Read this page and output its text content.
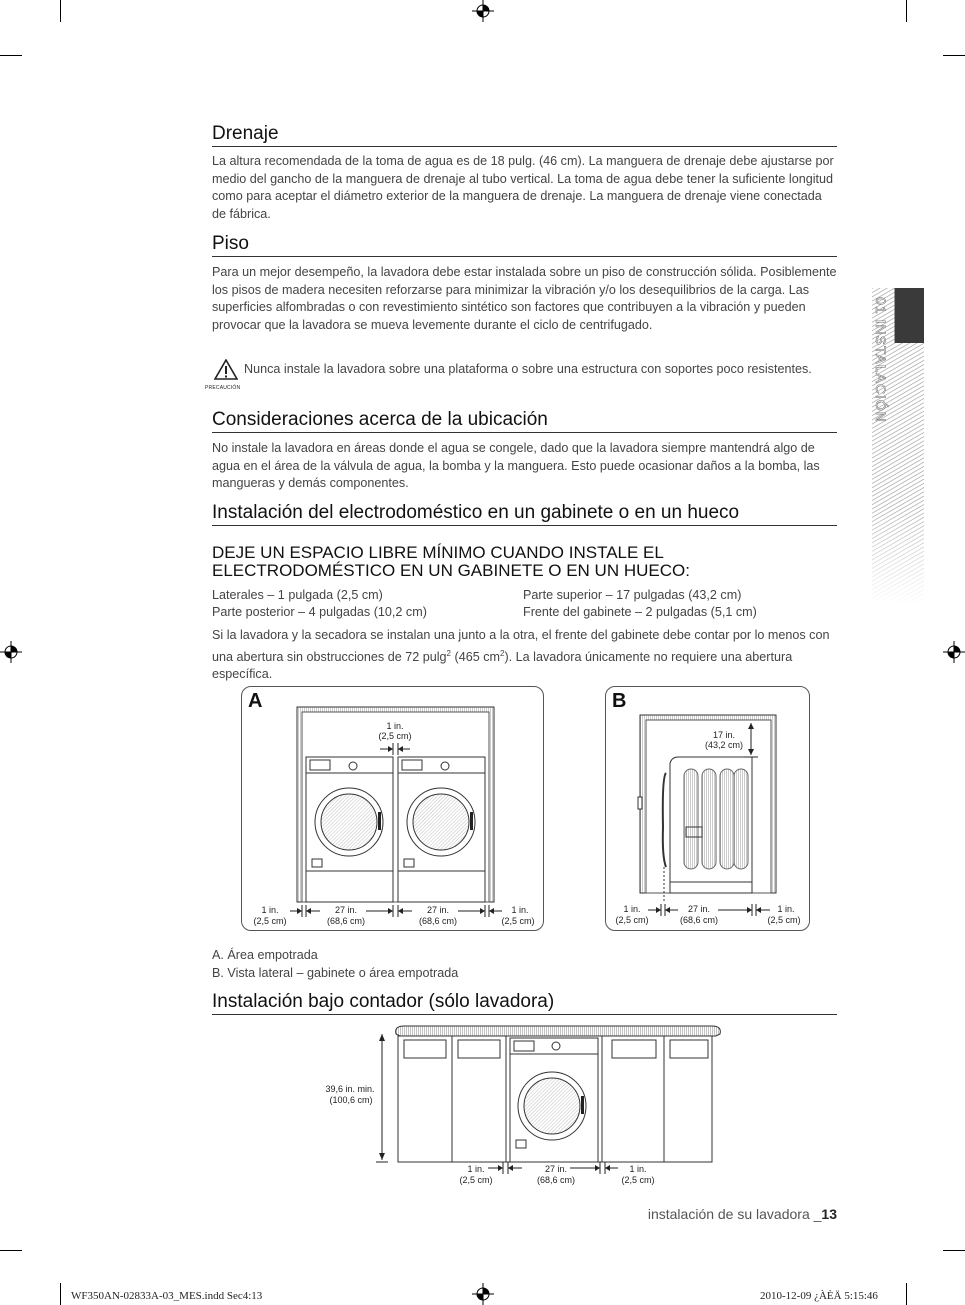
01 INSTALACIÓN
Drenaje
La altura recomendada de la toma de agua es de 18 pulg. (46 cm). La manguera de drenaje debe ajustarse por medio del gancho de la manguera de drenaje al tubo vertical. La toma de agua debe tener la suficiente longitud como para aceptar el diámetro exterior de la manguera de drenaje. La manguera de drenaje viene conectada de fábrica.
Piso
Para un mejor desempeño, la lavadora debe estar instalada sobre un piso de construcción sólida. Posiblemente los pisos de madera necesiten reforzarse para minimizar la vibración y/o los desequilibrios de la carga. Las superficies alfombradas o con revestimiento sintético son factores que contribuyen a la vibración y pueden provocar que la lavadora se mueva levemente durante el ciclo de centrifugado.
PRECAUCIÓN
Nunca instale la lavadora sobre una plataforma o sobre una estructura con soportes poco resistentes.
Consideraciones acerca de la ubicación
No instale la lavadora en áreas donde el agua se congele, dado que la lavadora siempre mantendrá algo de agua en el área de la válvula de agua, la bomba y la manguera. Esto puede ocasionar daños a la bomba, las mangueras y demás componentes.
Instalación del electrodoméstico en un gabinete o en un hueco
DEJE UN ESPACIO LIBRE MÍNIMO CUANDO INSTALE EL
ELECTRODOMÉSTICO EN UN GABINETE O EN UN HUECO:
Laterales – 1 pulgada (2,5 cm)
Parte posterior – 4 pulgadas (10,2 cm)
Parte superior – 17 pulgadas (43,2 cm)
Frente del gabinete – 2 pulgadas (5,1 cm)
Si la lavadora y la secadora se instalan una junto a la otra, el frente del gabinete debe contar por lo menos con una abertura sin obstrucciones de 72 pulg$^2$ (465 $cm^2$). La lavadora únicamente no requiere una abertura específica.
A
1 in.
(2,5 cm)
1 in.
(2,5 cm)
27 in.
(68,6 cm)
27 in.
(68,6 cm)
1 in.
(2,5 cm)
B
17 in.
(43,2 cm)
1 in.
(2,5 cm)
27 in.
(68,6 cm)
1 in.
(2,5 cm)
A. Área empotrada
B. Vista lateral – gabinete o área empotrada
Instalación bajo contador (sólo lavadora)
39,6 in. min.
(100,6 cm)
1 in.
(2,5 cm)
27 in.
(68,6 cm)
1 in.
(2,5 cm)
instalación de su lavadora _13
WF350AN-02833A-03_MES.indd Sec4:13	2010-12-09 ¿ÀÈÄ 5:15:46
